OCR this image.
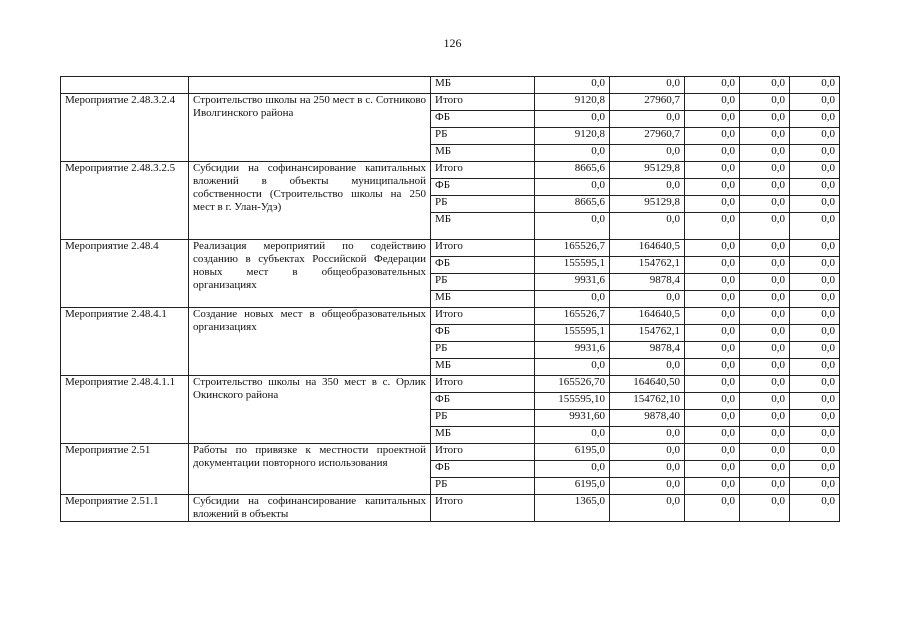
126
		МБ	0,0	0,0	0,0	0,0	0,0
Мероприятие 2.48.3.2.4	Строительство школы на 250 мест в с. Сотниково Иволгинского района	Итого	9120,8	27960,7	0,0	0,0	0,0
		ФБ	0,0	0,0	0,0	0,0	0,0
		РБ	9120,8	27960,7	0,0	0,0	0,0
		МБ	0,0	0,0	0,0	0,0	0,0
Мероприятие 2.48.3.2.5	Субсидии на софинансирование капитальных вложений в объекты муниципальной собственности (Строительство школы на 250 мест в г. Улан-Удэ)	Итого	8665,6	95129,8	0,0	0,0	0,0
		ФБ	0,0	0,0	0,0	0,0	0,0
		РБ	8665,6	95129,8	0,0	0,0	0,0
		МБ	0,0	0,0	0,0	0,0	0,0
Мероприятие 2.48.4	Реализация мероприятий по содействию созданию в субъектах Российской Федерации новых мест в общеобразовательных организациях	Итого	165526,7	164640,5	0,0	0,0	0,0
		ФБ	155595,1	154762,1	0,0	0,0	0,0
		РБ	9931,6	9878,4	0,0	0,0	0,0
		МБ	0,0	0,0	0,0	0,0	0,0
Мероприятие 2.48.4.1	Создание новых мест в общеобразовательных организациях	Итого	165526,7	164640,5	0,0	0,0	0,0
		ФБ	155595,1	154762,1	0,0	0,0	0,0
		РБ	9931,6	9878,4	0,0	0,0	0,0
		МБ	0,0	0,0	0,0	0,0	0,0
Мероприятие 2.48.4.1.1	Строительство школы на 350 мест в с. Орлик Окинского района	Итого	165526,70	164640,50	0,0	0,0	0,0
		ФБ	155595,10	154762,10	0,0	0,0	0,0
		РБ	9931,60	9878,40	0,0	0,0	0,0
		МБ	0,0	0,0	0,0	0,0	0,0
Мероприятие 2.51	Работы по привязке к местности проектной документации повторного использования	Итого	6195,0	0,0	0,0	0,0	0,0
		ФБ	0,0	0,0	0,0	0,0	0,0
		РБ	6195,0	0,0	0,0	0,0	0,0
Мероприятие 2.51.1	Субсидии на софинансирование капитальных вложений в объекты	Итого	1365,0	0,0	0,0	0,0	0,0
